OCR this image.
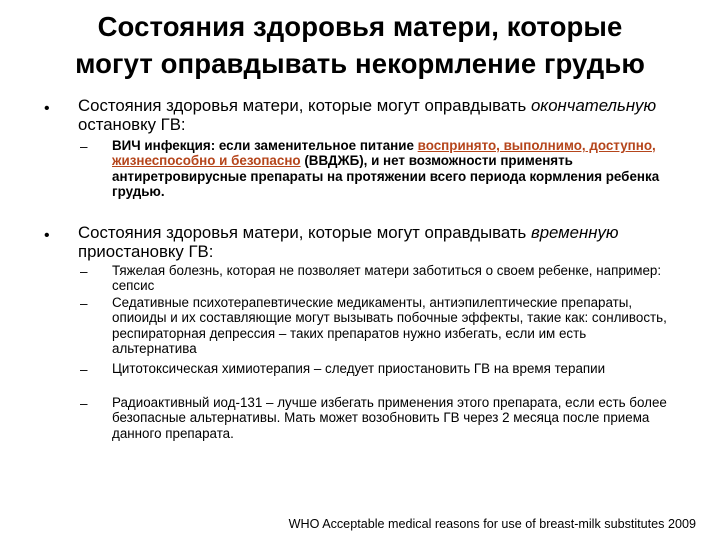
Состояния здоровья матери, которые
могут оправдывать некормление грудью
• Состояния здоровья матери, которые могут оправдывать окончательную остановку ГВ:
– ВИЧ инфекция: если заменительное питание воспринято, выполнимо, доступно, жизнеспособно и безопасно (ВВДЖБ), и нет возможности применять антиретровирусные препараты на протяжении всего периода кормления ребенка грудью.
• Состояния здоровья матери, которые могут оправдывать временную приостановку ГВ:
– Тяжелая болезнь, которая не позволяет матери заботиться о своем ребенке, например: сепсис
– Седативные психотерапевтические медикаменты, антиэпилептические препараты, опиоиды и их составляющие могут вызывать побочные эффекты, такие как: сонливость, респираторная депрессия – таких препаратов нужно избегать, если им есть альтернатива
– Цитотоксическая химиотерапия – следует приостановить ГВ на время терапии
– Радиоактивный иод-131 – лучше избегать применения этого препарата, если есть более безопасные альтернативы. Мать может возобновить ГВ через 2 месяца после приема данного препарата.
WHO Acceptable medical reasons for use of breast-milk substitutes 2009
